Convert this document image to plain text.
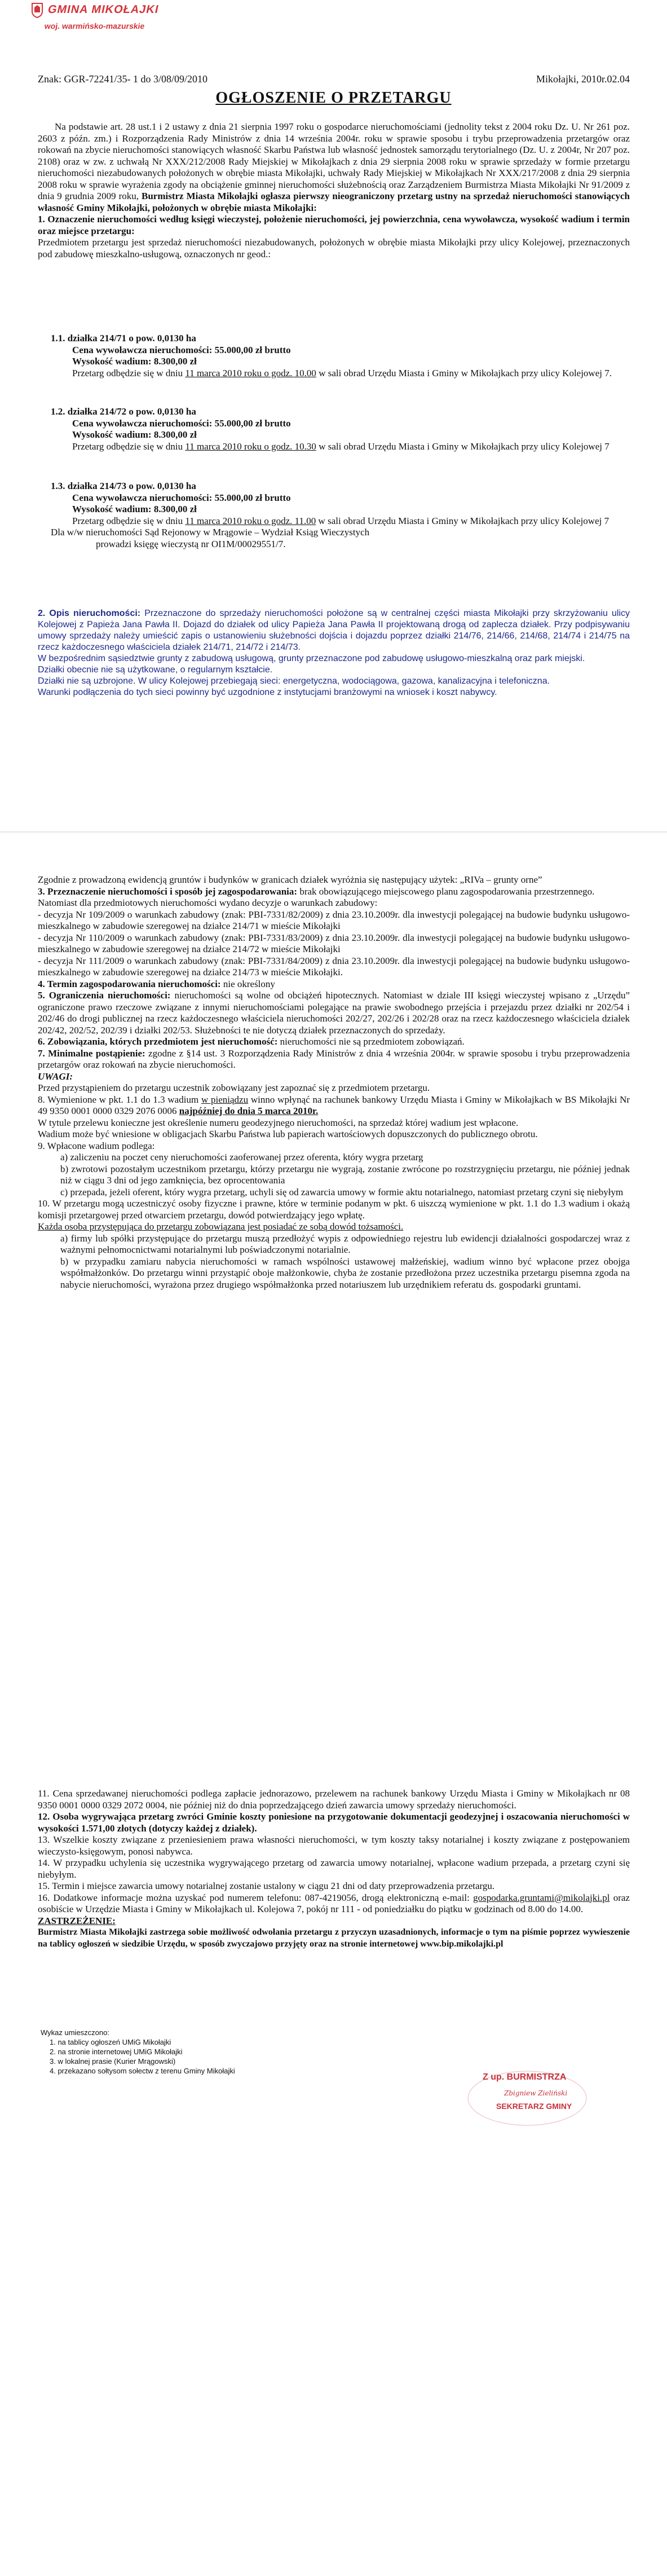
GMINA MIKOŁAJKI
woj. warmińsko-mazurskie
Znak: GGR-72241/35- 1 do 3/08/09/2010	Mikołajki, 2010r.02.04
OGŁOSZENIE O PRZETARGU

Na podstawie art. 28 ust.1 i 2 ustawy z dnia 21 sierpnia 1997 roku o gospodarce nieruchomościami (jednolity tekst z 2004 roku Dz. U. Nr 261 poz. 2603 z późn. zm.) i Rozporządzenia Rady Ministrów z dnia 14 września 2004r. roku w sprawie sposobu i trybu przeprowadzenia przetargów oraz rokowań na zbycie nieruchomości stanowiących własność Skarbu Państwa lub własność jednostek samorządu terytorialnego (Dz. U. z 2004r, Nr 207 poz. 2108) oraz w zw. z uchwałą Nr XXX/212/2008 Rady Miejskiej w Mikołajkach z dnia 29 sierpnia 2008 roku w sprawie sprzedaży w formie przetargu nieruchomości niezabudowanych położonych w obrębie miasta Mikołajki, uchwały Rady Miejskiej w Mikołajkach Nr XXX/217/2008 z dnia 29 sierpnia 2008 roku w sprawie wyrażenia zgody na obciążenie gminnej nieruchomości służebnością oraz Zarządzeniem Burmistrza Miasta Mikołajki Nr 91/2009 z dnia 9 grudnia 2009 roku, Burmistrz Miasta Mikołajki ogłasza pierwszy nieograniczony przetarg ustny na sprzedaż nieruchomości stanowiących własność Gminy Mikołajki, położonych w obrębie miasta Mikołajki:

1. Oznaczenie nieruchomości według księgi wieczystej, położenie nieruchomości, jej powierzchnia, cena wywoławcza, wysokość wadium i termin oraz miejsce przetargu:

Przedmiotem przetargu jest sprzedaż nieruchomości niezabudowanych, położonych w obrębie miasta Mikołajki przy ulicy Kolejowej, przeznaczonych pod zabudowę mieszkalno-usługową, oznaczonych nr geod.:

1.1. działka 214/71 o pow. 0,0130 ha
Cena wywoławcza nieruchomości: 55.000,00 zł brutto
Wysokość wadium: 8.300,00 zł
Przetarg odbędzie się w dniu 11 marca 2010 roku o godz. 10.00 w sali obrad Urzędu Miasta i Gminy w Mikołajkach przy ulicy Kolejowej 7.
1.2. działka 214/72 o pow. 0,0130 ha
Cena wywoławcza nieruchomości: 55.000,00 zł brutto
Wysokość wadium: 8.300,00 zł
Przetarg odbędzie się w dniu 11 marca 2010 roku o godz. 10.30 w sali obrad Urzędu Miasta i Gminy w Mikołajkach przy ulicy Kolejowej 7
1.3. działka 214/73 o pow. 0,0130 ha
Cena wywoławcza nieruchomości: 55.000,00 zł brutto
Wysokość wadium: 8.300,00 zł
Przetarg odbędzie się w dniu 11 marca 2010 roku o godz. 11.00 w sali obrad Urzędu Miasta i Gminy w Mikołajkach przy ulicy Kolejowej 7
Dla w/w nieruchomości Sąd Rejonowy w Mrągowie – Wydział Ksiąg Wieczystych
prowadzi księgę wieczystą nr OI1M/00029551/7.

2. Opis nieruchomości: Przeznaczone do sprzedaży nieruchomości położone są w centralnej części miasta Mikołajki przy skrzyżowaniu ulicy Kolejowej z Papieża Jana Pawła II. Dojazd do działek od ulicy Papieża Jana Pawła II projektowaną drogą od zaplecza działek. Przy podpisywaniu umowy sprzedaży należy umieścić zapis o ustanowieniu służebności dojścia i dojazdu poprzez działki 214/76, 214/66, 214/68, 214/74 i 214/75 na rzecz każdoczesnego właściciela działek 214/71, 214/72 i 214/73.

W bezpośrednim sąsiedztwie grunty z zabudową usługową, grunty przeznaczone pod zabudowę usługowo-mieszkalną oraz park miejski.

Działki obecnie nie są użytkowane, o regularnym kształcie.

Działki nie są uzbrojone. W ulicy Kolejowej przebiegają sieci: energetyczna, wodociągowa, gazowa, kanalizacyjna i telefoniczna.

Warunki podłączenia do tych sieci powinny być uzgodnione z instytucjami branżowymi na wniosek i koszt nabywcy.

Zgodnie z prowadzoną ewidencją gruntów i budynków w granicach działek wyróżnia się następujący użytek: „RIVa – grunty orne”

3. Przeznaczenie nieruchomości i sposób jej zagospodarowania: brak obowiązującego miejscowego planu zagospodarowania przestrzennego.

Natomiast dla przedmiotowych nieruchomości wydano decyzje o warunkach zabudowy:

- decyzja Nr 109/2009 o warunkach zabudowy (znak: PBI-7331/82/2009) z dnia 23.10.2009r. dla inwestycji polegającej na budowie budynku usługowo-mieszkalnego w zabudowie szeregowej na działce 214/71 w mieście Mikołajki

- decyzja Nr 110/2009 o warunkach zabudowy (znak: PBI-7331/83/2009) z dnia 23.10.2009r. dla inwestycji polegającej na budowie budynku usługowo-mieszkalnego w zabudowie szeregowej na działce 214/72 w mieście Mikołajki

- decyzja Nr 111/2009 o warunkach zabudowy (znak: PBI-7331/84/2009) z dnia 23.10.2009r. dla inwestycji polegającej na budowie budynku usługowo-mieszkalnego w zabudowie szeregowej na działce 214/73 w mieście Mikołajki.

4. Termin zagospodarowania nieruchomości: nie określony

5. Ograniczenia nieruchomości: nieruchomości są wolne od obciążeń hipotecznych. Natomiast w dziale III księgi wieczystej wpisano z „Urzędu” ograniczone prawo rzeczowe związane z innymi nieruchomościami polegające na prawie swobodnego przejścia i przejazdu przez działki nr 202/54 i 202/46 do drogi publicznej na rzecz każdoczesnego właściciela nieruchomości 202/27, 202/26 i 202/28 oraz na rzecz każdoczesnego właściciela działek 202/42, 202/52, 202/39 i działki 202/53. Służebności te nie dotyczą działek przeznaczonych do sprzedaży.

6. Zobowiązania, których przedmiotem jest nieruchomość: nieruchomości nie są przedmiotem zobowiązań.

7. Minimalne postąpienie: zgodne z §14 ust. 3 Rozporządzenia Rady Ministrów z dnia 4 września 2004r. w sprawie sposobu i trybu przeprowadzenia przetargów oraz rokowań na zbycie nieruchomości.

UWAGI:

Przed przystąpieniem do przetargu uczestnik zobowiązany jest zapoznać się z przedmiotem przetargu.

8. Wymienione w pkt. 1.1 do 1.3 wadium w pieniądzu winno wpłynąć na rachunek bankowy Urzędu Miasta i Gminy w Mikołajkach w BS Mikołajki Nr 49 9350 0001 0000 0329 2076 0006 najpóźniej do dnia 5 marca 2010r.

W tytule przelewu konieczne jest określenie numeru geodezyjnego nieruchomości, na sprzedaż której wadium jest wpłacone.

Wadium może być wniesione w obligacjach Skarbu Państwa lub papierach wartościowych dopuszczonych do publicznego obrotu.

9. Wpłacone wadium podlega:

a) zaliczeniu na poczet ceny nieruchomości zaoferowanej przez oferenta, który wygra przetarg

b) zwrotowi pozostałym uczestnikom przetargu, którzy przetargu nie wygrają, zostanie zwrócone po rozstrzygnięciu przetargu, nie później jednak niż w ciągu 3 dni od jego zamknięcia, bez oprocentowania

c) przepada, jeżeli oferent, który wygra przetarg, uchyli się od zawarcia umowy w formie aktu notarialnego, natomiast przetarg czyni się niebyłym

10. W przetargu mogą uczestniczyć osoby fizyczne i prawne, które w terminie podanym w pkt. 6 uiszczą wymienione w pkt. 1.1 do 1.3 wadium i okażą komisji przetargowej przed otwarciem przetargu, dowód potwierdzający jego wpłatę.

Każda osoba przystępująca do przetargu zobowiązana jest posiadać ze sobą dowód tożsamości.

a) firmy lub spółki przystępujące do przetargu muszą przedłożyć wypis z odpowiedniego rejestru lub ewidencji działalności gospodarczej wraz z ważnymi pełnomocnictwami notarialnymi lub poświadczonymi notarialnie.

b) w przypadku zamiaru nabycia nieruchomości w ramach wspólności ustawowej małżeńskiej, wadium winno być wpłacone przez obojga współmałżonków. Do przetargu winni przystąpić oboje małżonkowie, chyba że zostanie przedłożona przez uczestnika przetargu pisemna zgoda na nabycie nieruchomości, wyrażona przez drugiego współmałżonka przed notariuszem lub urzędnikiem referatu ds. gospodarki gruntami.

11. Cena sprzedawanej nieruchomości podlega zapłacie jednorazowo, przelewem na rachunek bankowy Urzędu Miasta i Gminy w Mikołajkach nr 08 9350 0001 0000 0329 2072 0004, nie później niż do dnia poprzedzającego dzień zawarcia umowy sprzedaży nieruchomości.

12. Osoba wygrywająca przetarg zwróci Gminie koszty poniesione na przygotowanie dokumentacji geodezyjnej i oszacowania nieruchomości w wysokości 1.571,00 złotych (dotyczy każdej z działek).

13. Wszelkie koszty związane z przeniesieniem prawa własności nieruchomości, w tym koszty taksy notarialnej i koszty związane z postępowaniem wieczysto-księgowym, ponosi nabywca.

14. W przypadku uchylenia się uczestnika wygrywającego przetarg od zawarcia umowy notarialnej, wpłacone wadium przepada, a przetarg czyni się niebyłym.

15. Termin i miejsce zawarcia umowy notarialnej zostanie ustalony w ciągu 21 dni od daty przeprowadzenia przetargu.

16. Dodatkowe informacje można uzyskać pod numerem telefonu: 087-4219056, drogą elektroniczną e-mail: gospodarka.gruntami@mikolajki.pl oraz osobiście w Urzędzie Miasta i Gminy w Mikołajkach ul. Kolejowa 7, pokój nr 111 - od poniedziałku do piątku w godzinach od 8.00 do 14.00.

ZASTRZEŻENIE:

Burmistrz Miasta Mikołajki zastrzega sobie możliwość odwołania przetargu z przyczyn uzasadnionych, informacje o tym na piśmie poprzez wywieszenie na tablicy ogłoszeń w siedzibie Urzędu, w sposób zwyczajowo przyjęty oraz na stronie internetowej www.bip.mikolajki.pl

Wykaz umieszczono:
1. na tablicy ogłoszeń UMiG Mikołajki
2. na stronie internetowej UMiG Mikołajki
3. w lokalnej prasie (Kurier Mrągowski)
4. przekazano sołtysom sołectw z terenu Gminy Mikołajki
Z up. BURMISTRZA
Zbigniew Zieliński
SEKRETARZ GMINY
